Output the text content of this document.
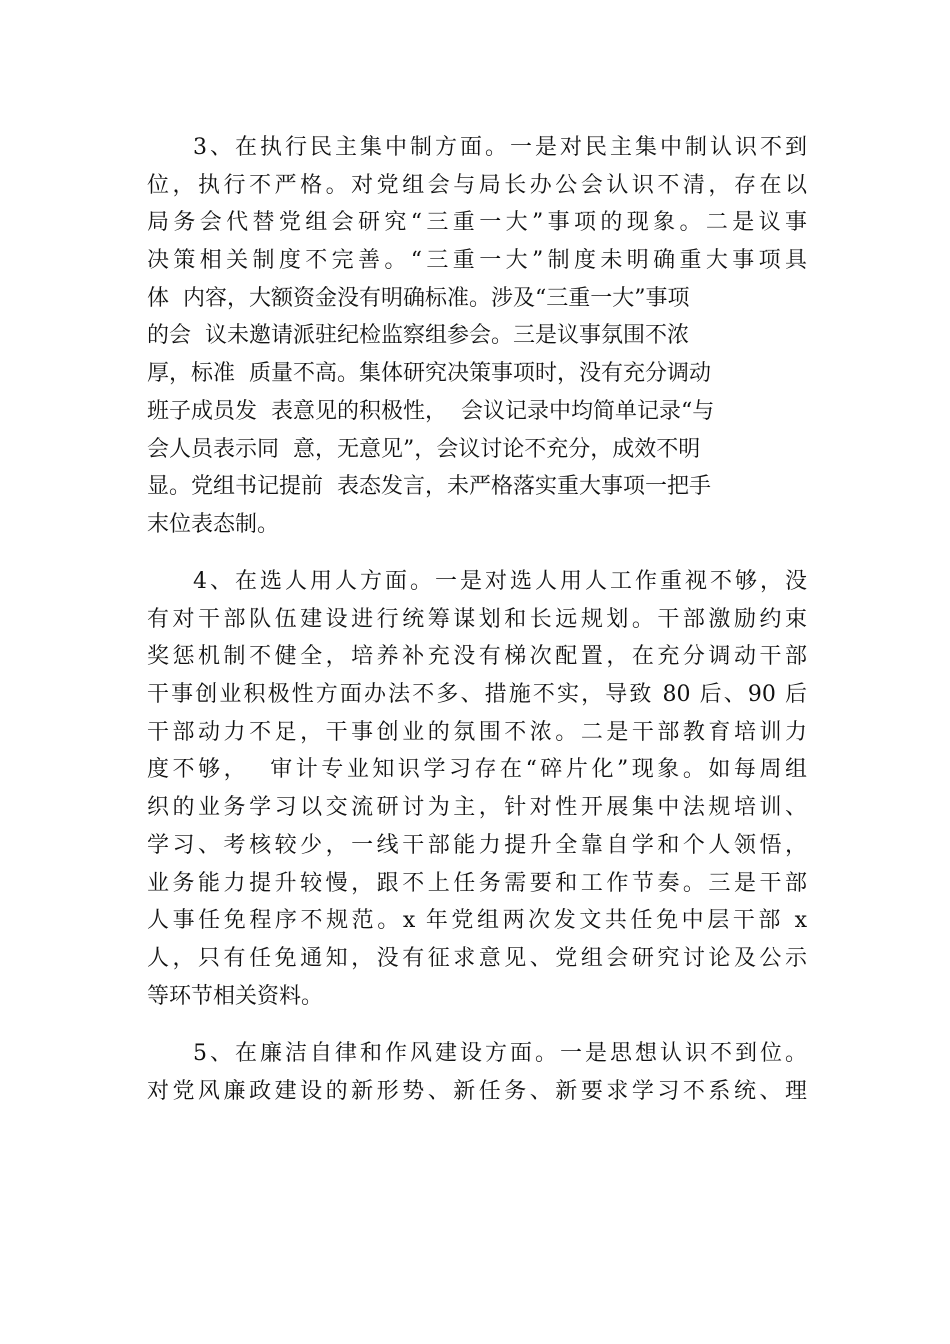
3、在执行民主集中制方面。一是对民主集中制认识不到
位，执行不严格。对党组会与局长办公会认识不清，存在以
局务会代替党组会研究“三重一大”事项的现象。二是议事
决策相关制度不完善。“三重一大”制度未明确重大事项具
体  内容，大额资金没有明确标准。涉及“三重一大”事项
的会  议未邀请派驻纪检监察组参会。三是议事氛围不浓
厚，标准  质量不高。集体研究决策事项时，没有充分调动
班子成员发  表意见的积极性，  会议记录中均简单记录“与
会人员表示同  意，无意见”，会议讨论不充分，成效不明
显。党组书记提前  表态发言，未严格落实重大事项一把手
末位表态制。
4、在选人用人方面。一是对选人用人工作重视不够，没
有对干部队伍建设进行统筹谋划和长远规划。干部激励约束
奖惩机制不健全，培养补充没有梯次配置，在充分调动干部
干事创业积极性方面办法不多、措施不实，导致 80 后、90 后
干部动力不足，干事创业的氛围不浓。二是干部教育培训力
度不够，  审计专业知识学习存在“碎片化”现象。如每周组
织的业务学习以交流研讨为主，针对性开展集中法规培训、
学习、考核较少，一线干部能力提升全靠自学和个人领悟，
业务能力提升较慢，跟不上任务需要和工作节奏。三是干部
人事任免程序不规范。x 年党组两次发文共任免中层干部 x
人，只有任免通知，没有征求意见、党组会研究讨论及公示
等环节相关资料。
5、在廉洁自律和作风建设方面。一是思想认识不到位。
对党风廉政建设的新形势、新任务、新要求学习不系统、理
